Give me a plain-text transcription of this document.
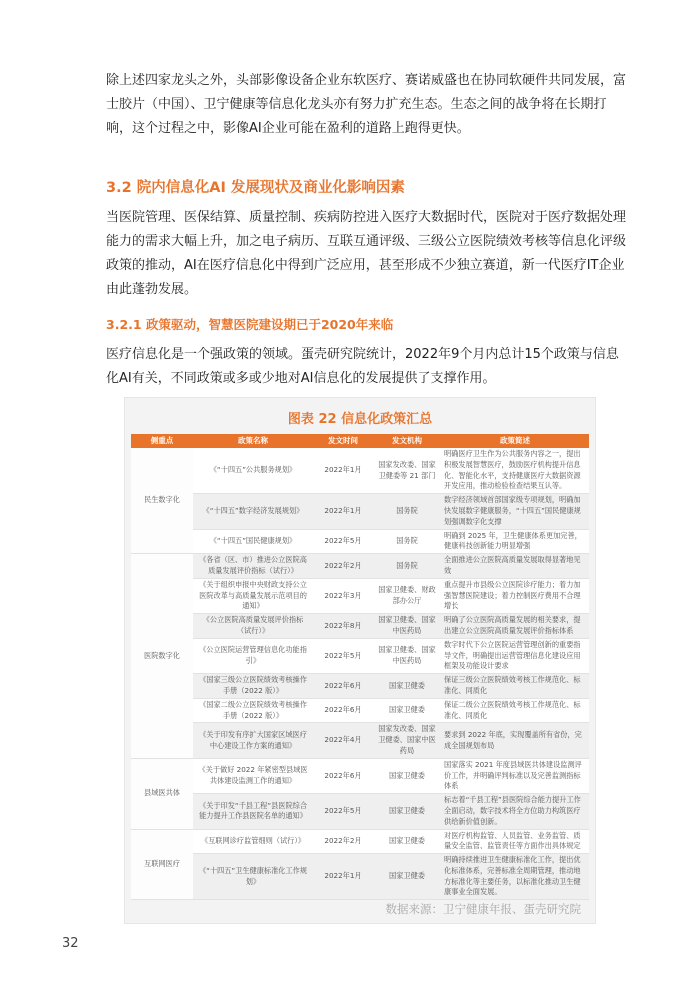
除上述四家龙头之外，头部影像设备企业东软医疗、赛诺威盛也在协同软硬件共同发展，富士胶片（中国）、卫宁健康等信息化龙头亦有努力扩充生态。生态之间的战争将在长期打响，这个过程之中，影像AI企业可能在盈利的道路上跑得更快。

3.2 院内信息化AI 发展现状及商业化影响因素

当医院管理、医保结算、质量控制、疾病防控进入医疗大数据时代，医院对于医疗数据处理能力的需求大幅上升，加之电子病历、互联互通评级、三级公立医院绩效考核等信息化评级政策的推动，AI在医疗信息化中得到广泛应用，甚至形成不少独立赛道，新一代医疗IT企业由此蓬勃发展。

3.2.1 政策驱动，智慧医院建设期已于2020年来临

医疗信息化是一个强政策的领域。蛋壳研究院统计，2022年9个月内总计15个政策与信息化AI有关，不同政策或多或少地对AI信息化的发展提供了支撑作用。

图表 22 信息化政策汇总
侧重点	政策名称	发文时间	发文机构	政策简述
民生数字化	《“十四五”公共服务规划》	2022年1月	国家发改委、国家卫健委等 21 部门	明确医疗卫生作为公共服务内容之一，提出积极发展智慧医疗，鼓励医疗机构提升信息化、智能化水平，支持健康医疗大数据资源开发应用，推动检验检查结果互认等。
	《“十四五”数字经济发展规划》	2022年1月	国务院	数字经济领域首部国家级专项规划，明确加快发展数字健康服务，“十四五”国民健康规划强调数字化支撑
	《“十四五”国民健康规划》	2022年5月	国务院	明确到 2025 年，卫生健康体系更加完善，健康科技创新能力明显增强
医院数字化	《各省（区、市）推进公立医院高质量发展评价指标（试行）》	2022年2月	国务院	全面推进公立医院高质量发展取得显著地见效
	《关于组织申报中央财政支持公立医院改革与高质量发展示范项目的通知》	2022年3月	国家卫健委、财政部办公厅	重点提升市县级公立医院诊疗能力；着力加强智慧医院建设；着力控制医疗费用不合理增长
	《公立医院高质量发展评价指标（试行）》	2022年8月	国家卫健委、国家中医药局	明确了公立医院高质量发展的相关要求，提出建立公立医院高质量发展评价指标体系
	《公立医院运营管理信息化功能指引》	2022年5月	国家卫健委、国家中医药局	数字时代下公立医院运营管理创新的重要指导文件，明确提出运营管理信息化建设应用框架及功能设计要求
	《国家三级公立医院绩效考核操作手册（2022 版）》	2022年6月	国家卫健委	保证三级公立医院绩效考核工作规范化、标准化、同质化
	《国家二级公立医院绩效考核操作手册（2022 版）》	2022年6月	国家卫健委	保证二级公立医院绩效考核工作规范化、标准化、同质化
	《关于印发有序扩大国家区域医疗中心建设工作方案的通知》	2022年4月	国家发改委、国家卫健委、国家中医药局	要求到 2022 年底，实现覆盖所有省份，完成全国规划布局
县域医共体	《关于做好 2022 年紧密型县域医共体建设监测工作的通知》	2022年6月	国家卫健委	国家落实 2021 年度县域医共体建设监测评价工作，并明确评判标准以及完善监测指标体系
	《关于印发“千县工程”县医院综合能力提升工作县医院名单的通知》	2022年5月	国家卫健委	标志着“千县工程”县医院综合能力提升工作全面启动，数字技术将全方位助力构筑医疗供给新价值创新。
互联网医疗	《互联网诊疗监管细则（试行）》	2022年2月	国家卫健委	对医疗机构监管、人员监管、业务监管、质量安全监管、监管责任等方面作出具体规定
	《“十四五”卫生健康标准化工作规划》	2022年1月	国家卫健委	明确持续推进卫生健康标准化工作，提出优化标准体系，完善标准全周期管理，推动地方标准化等主要任务，以标准化推动卫生健康事业全面发展。
数据来源：卫宁健康年报、蛋壳研究院
32
